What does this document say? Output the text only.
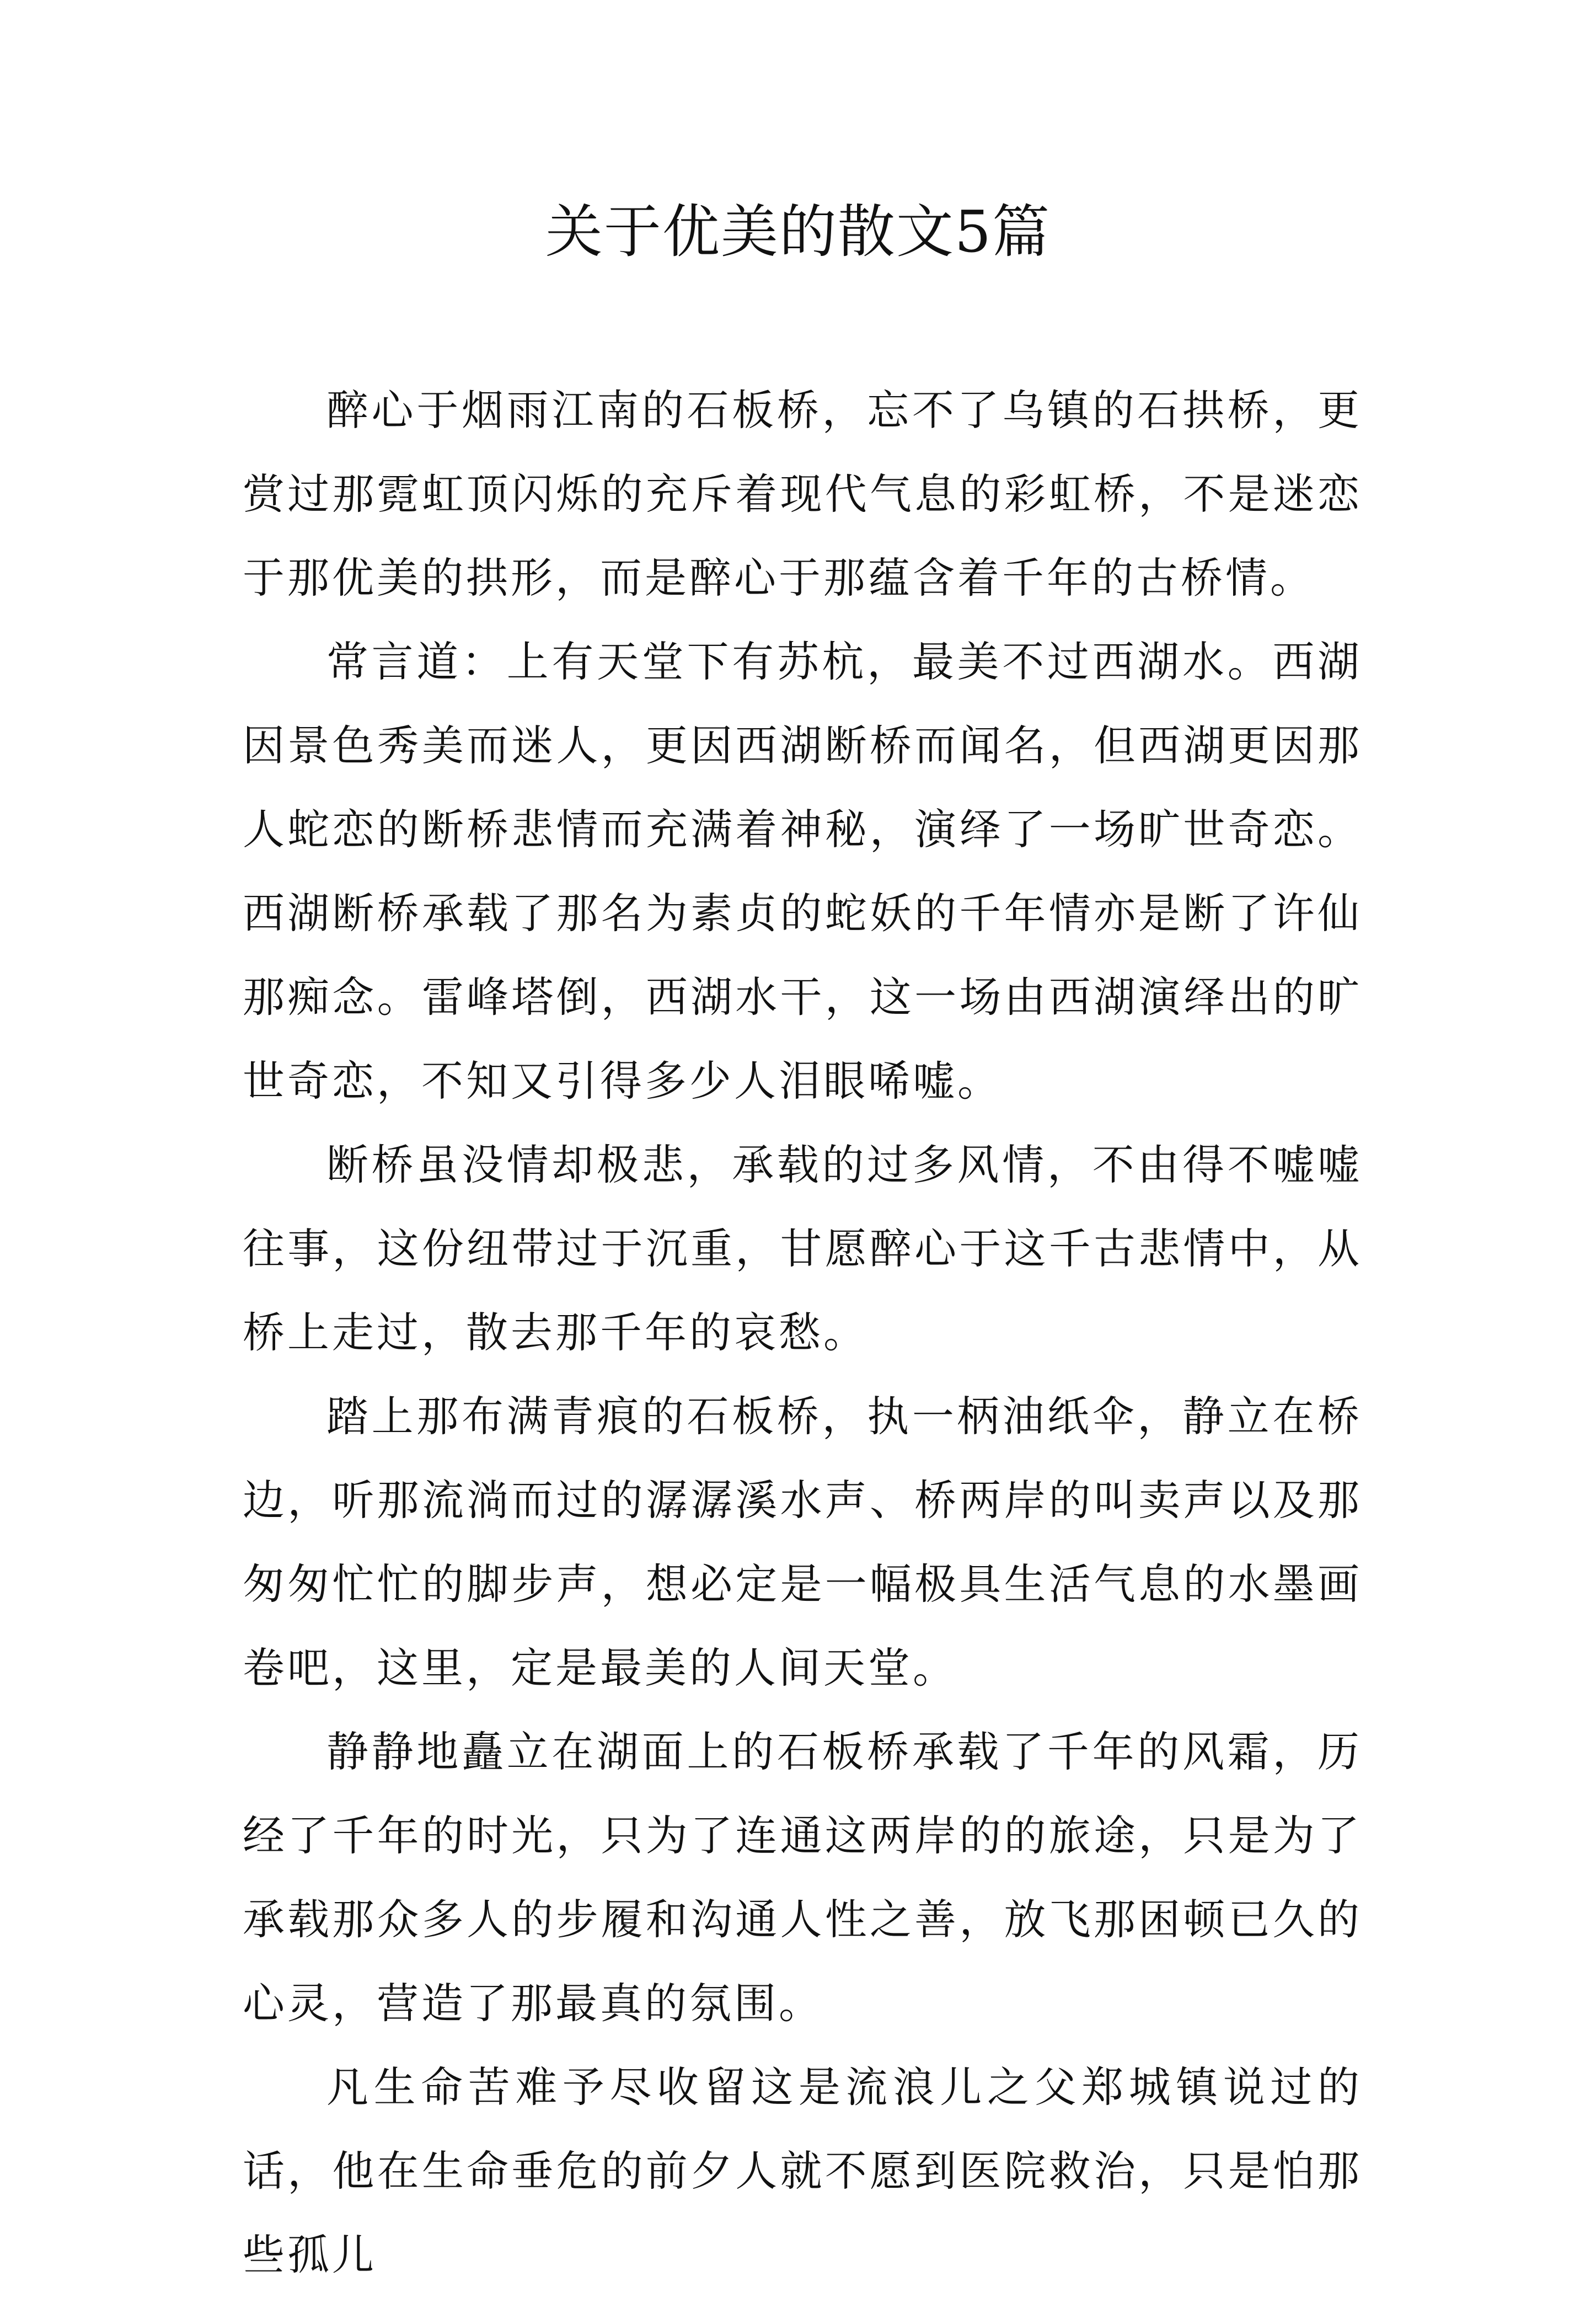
关于优美的散文5篇

醉心于烟雨江南的石板桥，忘不了乌镇的石拱桥，更赏过那霓虹顶闪烁的充斥着现代气息的彩虹桥，不是迷恋于那优美的拱形，而是醉心于那蕴含着千年的古桥情。

常言道：上有天堂下有苏杭，最美不过西湖水。西湖因景色秀美而迷人，更因西湖断桥而闻名，但西湖更因那人蛇恋的断桥悲情而充满着神秘，演绎了一场旷世奇恋。西湖断桥承载了那名为素贞的蛇妖的千年情亦是断了许仙那痴念。雷峰塔倒，西湖水干，这一场由西湖演绎出的旷世奇恋，不知又引得多少人泪眼唏嘘。

断桥虽没情却极悲，承载的过多风情，不由得不嘘嘘往事，这份纽带过于沉重，甘愿醉心于这千古悲情中，从桥上走过，散去那千年的哀愁。

踏上那布满青痕的石板桥，执一柄油纸伞，静立在桥边，听那流淌而过的潺潺溪水声、桥两岸的叫卖声以及那匆匆忙忙的脚步声，想必定是一幅极具生活气息的水墨画卷吧，这里，定是最美的人间天堂。

静静地矗立在湖面上的石板桥承载了千年的风霜，历经了千年的时光，只为了连通这两岸的的旅途，只是为了承载那众多人的步履和沟通人性之善，放飞那困顿已久的心灵，营造了那最真的氛围。

凡生命苦难予尽收留这是流浪儿之父郑城镇说过的话，他在生命垂危的前夕人就不愿到医院救治，只是怕那些孤儿
